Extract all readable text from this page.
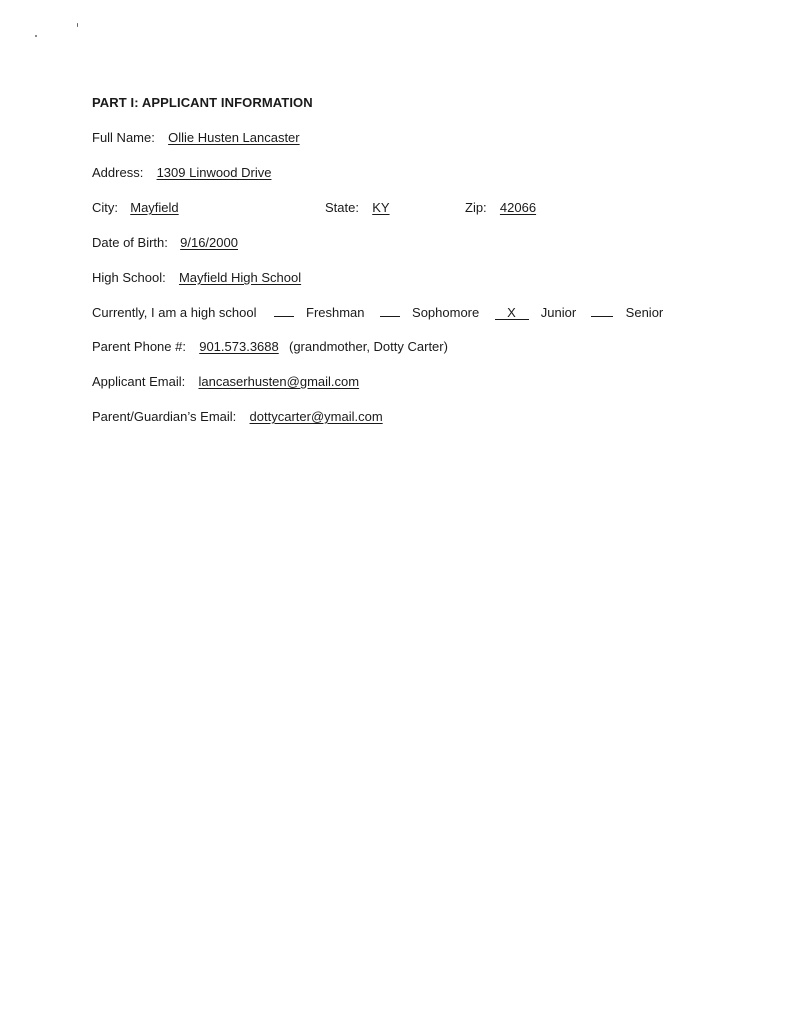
PART I: APPLICANT INFORMATION
Full Name: Ollie Husten Lancaster
Address: 1309 Linwood Drive
City: Mayfield	State: KY	Zip: 42066
Date of Birth: 9/16/2000
High School: Mayfield High School
Currently, I am a high school	Freshman	Sophomore X Junior	Senior
Parent Phone #: 901.573.3688 (grandmother, Dotty Carter)
Applicant Email: lancaserhusten@gmail.com
Parent/Guardian’s Email: dottycarter@ymail.com
